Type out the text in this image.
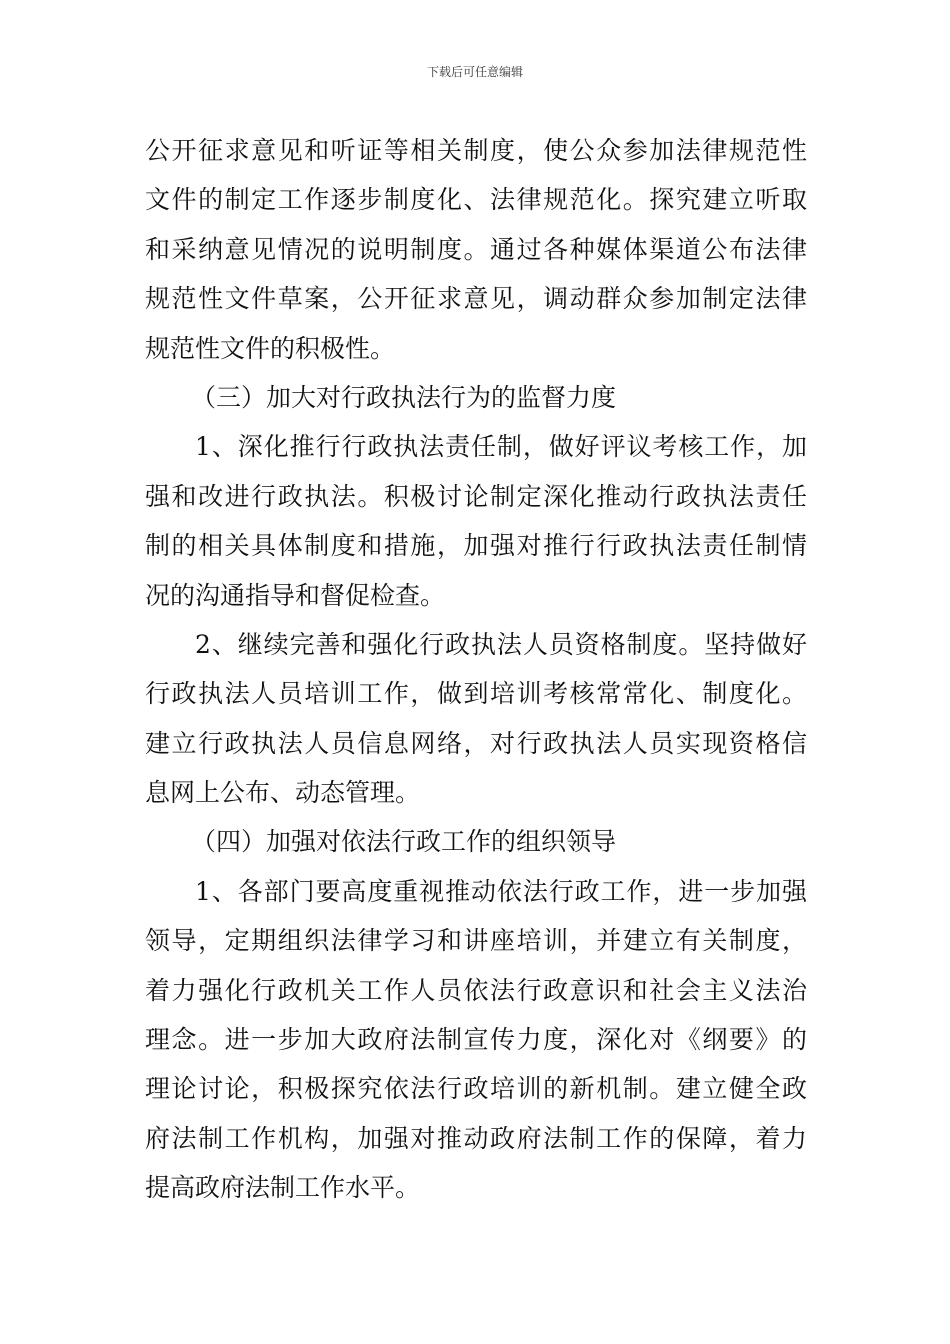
下载后可任意编辑
公开征求意见和听证等相关制度，使公众参加法律规范性
文件的制定工作逐步制度化、法律规范化。探究建立听取
和采纳意见情况的说明制度。通过各种媒体渠道公布法律
规范性文件草案，公开征求意见，调动群众参加制定法律
规范性文件的积极性。
（三）加大对行政执法行为的监督力度
1、深化推行行政执法责任制，做好评议考核工作，加
强和改进行政执法。积极讨论制定深化推动行政执法责任
制的相关具体制度和措施，加强对推行行政执法责任制情
况的沟通指导和督促检查。
2、继续完善和强化行政执法人员资格制度。坚持做好
行政执法人员培训工作，做到培训考核常常化、制度化。
建立行政执法人员信息网络，对行政执法人员实现资格信
息网上公布、动态管理。
（四）加强对依法行政工作的组织领导
1、各部门要高度重视推动依法行政工作，进一步加强
领导，定期组织法律学习和讲座培训，并建立有关制度，
着力强化行政机关工作人员依法行政意识和社会主义法治
理念。进一步加大政府法制宣传力度，深化对《纲要》的
理论讨论，积极探究依法行政培训的新机制。建立健全政
府法制工作机构，加强对推动政府法制工作的保障，着力
提高政府法制工作水平。
